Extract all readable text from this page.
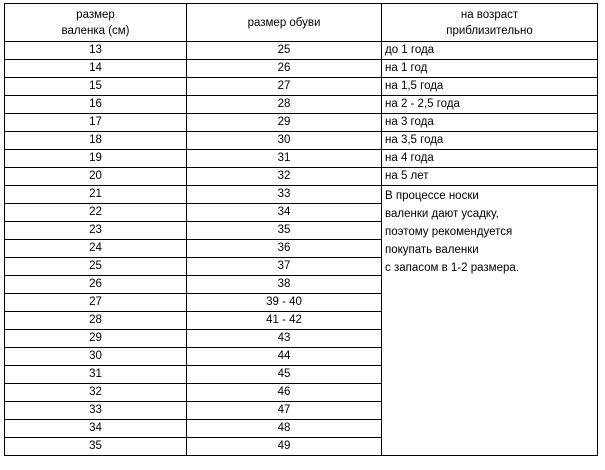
размер
валенка (см)	размер обуви	на возраст
приблизительно

13	25	до 1 года
14	26	на 1 год
15	27	на 1,5 года
16	28	на 2 - 2,5 года
17	29	на 3 года
18	30	на 3,5 года
19	31	на 4 года
20	32	на 5 лет
21	33	В процессе носки
валенки дают усадку,
поэтому рекомендуется
покупать валенки
с запасом в 1-2 размера.

22	34	
23	35	
24	36	
25	37	
26	38	
27	39 - 40	
28	41 - 42	
29	43	
30	44	
31	45	
32	46	
33	47	
34	48	
35	49	
